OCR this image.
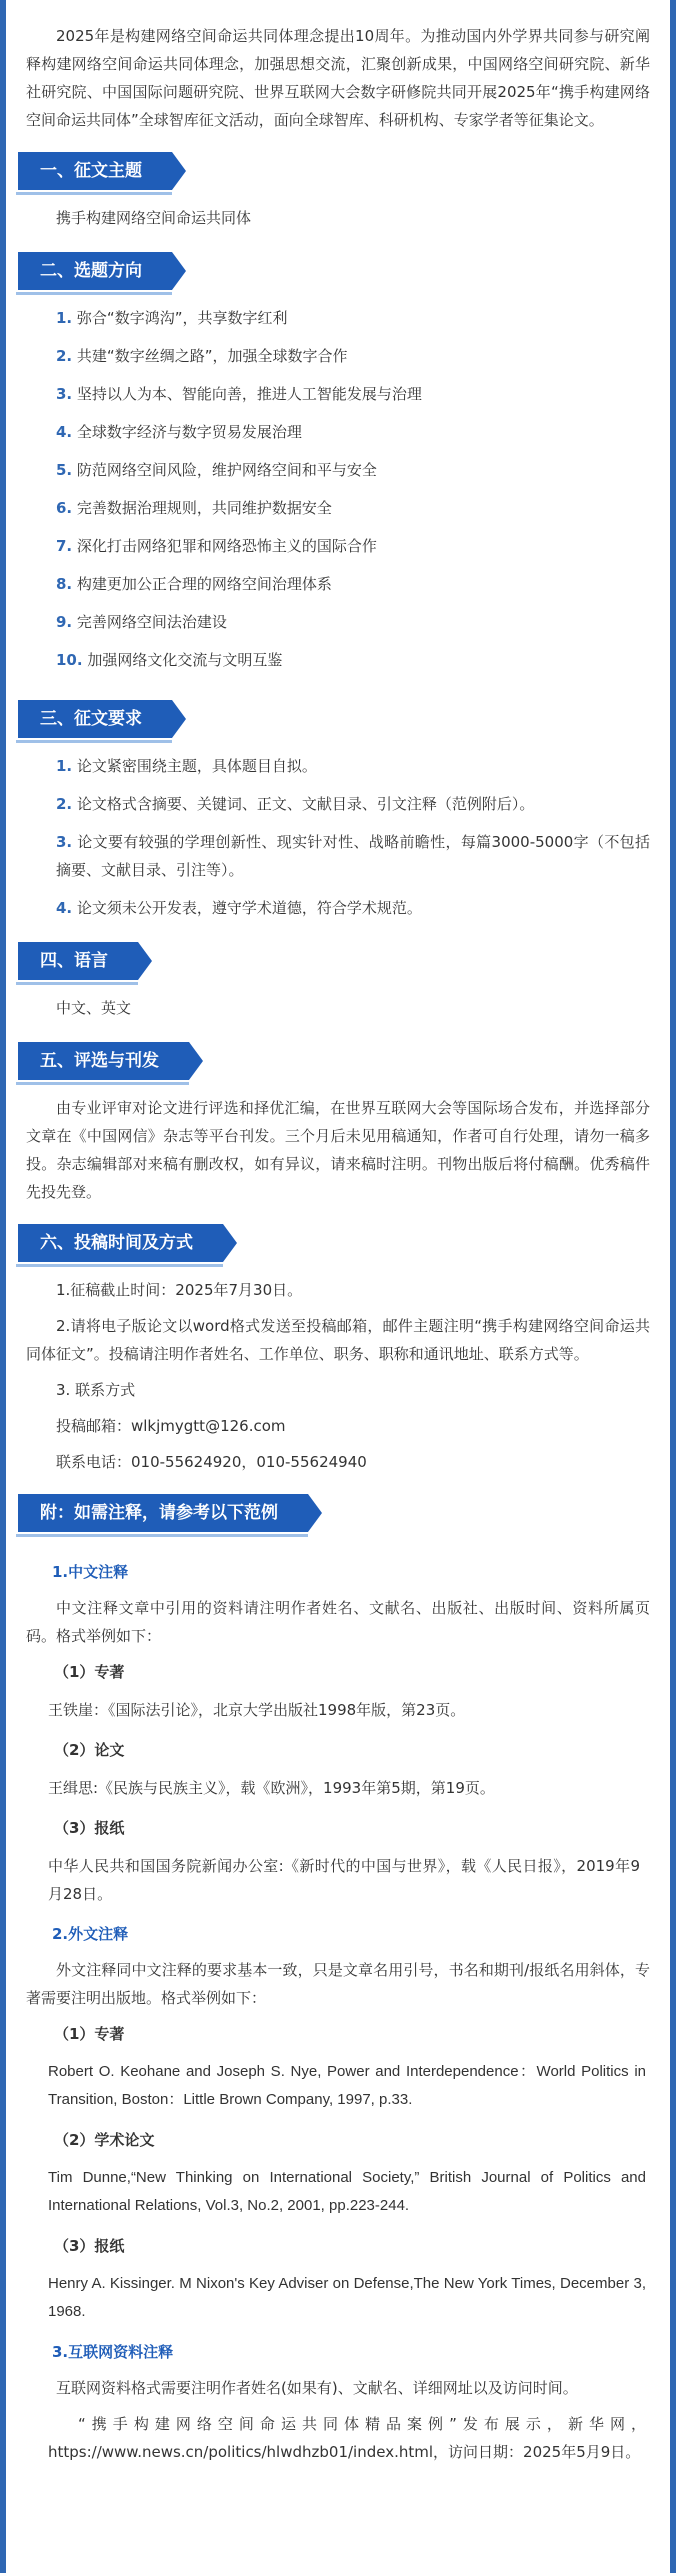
2025年是构建网络空间命运共同体理念提出10周年。为推动国内外学界共同参与研究阐释构建网络空间命运共同体理念，加强思想交流，汇聚创新成果，中国网络空间研究院、新华社研究院、中国国际问题研究院、世界互联网大会数字研修院共同开展2025年“携手构建网络空间命运共同体”全球智库征文活动，面向全球智库、科研机构、专家学者等征集论文。

一、征文主题

携手构建网络空间命运共同体

二、选题方向
1. 弥合“数字鸿沟”，共享数字红利
2. 共建“数字丝绸之路”，加强全球数字合作
3. 坚持以人为本、智能向善，推进人工智能发展与治理
4. 全球数字经济与数字贸易发展治理
5. 防范网络空间风险，维护网络空间和平与安全
6. 完善数据治理规则，共同维护数据安全
7. 深化打击网络犯罪和网络恐怖主义的国际合作
8. 构建更加公正合理的网络空间治理体系
9. 完善网络空间法治建设
10. 加强网络文化交流与文明互鉴
三、征文要求

1. 论文紧密围绕主题，具体题目自拟。

2. 论文格式含摘要、关键词、正文、文献目录、引文注释（范例附后）。

3. 论文要有较强的学理创新性、现实针对性、战略前瞻性，每篇3000-5000字（不包括摘要、文献目录、引注等）。

4. 论文须未公开发表，遵守学术道德，符合学术规范。

四、语言

中文、英文

五、评选与刊发

由专业评审对论文进行评选和择优汇编，在世界互联网大会等国际场合发布，并选择部分文章在《中国网信》杂志等平台刊发。三个月后未见用稿通知，作者可自行处理，请勿一稿多投。杂志编辑部对来稿有删改权，如有异议，请来稿时注明。刊物出版后将付稿酬。优秀稿件先投先登。

六、投稿时间及方式

1.征稿截止时间：2025年7月30日。

2.请将电子版论文以word格式发送至投稿邮箱，邮件主题注明“携手构建网络空间命运共同体征文”。投稿请注明作者姓名、工作单位、职务、职称和通讯地址、联系方式等。

3. 联系方式

投稿邮箱：wlkjmygtt@126.com

联系电话：010-55624920，010-55624940

附：如需注释，请参考以下范例

1.中文注释

中文注释文章中引用的资料请注明作者姓名、文献名、出版社、出版时间、资料所属页码。格式举例如下：

（1）专著

王铁崖：《国际法引论》，北京大学出版社1998年版，第23页。

（2）论文

王缉思:《民族与民族主义》，载《欧洲》，1993年第5期，第19页。

（3）报纸

中华人民共和国国务院新闻办公室:《新时代的中国与世界》，载《人民日报》，2019年9月28日。

2.外文注释

外文注释同中文注释的要求基本一致，只是文章名用引号，书名和期刊/报纸名用斜体，专著需要注明出版地。格式举例如下：

（1）专著

Robert O. Keohane and Joseph S. Nye, Power and Interdependence：World Politics in Transition, Boston：Little Brown Company, 1997, p.33.

（2）学术论文

Tim Dunne,“New Thinking on International Society,” British Journal of Politics and International Relations, Vol.3, No.2, 2001, pp.223-244.

（3）报纸

Henry A. Kissinger. M Nixon's Key Adviser on Defense,The New York Times, December 3, 1968.

3.互联网资料注释

互联网资料格式需要注明作者姓名(如果有)、文献名、详细网址以及访问时间。

“携手构建网络空间命运共同体精品案例”发布展示，新华网，https://www.news.cn/politics/hlwdhzb01/index.html，访问日期：2025年5月9日。
